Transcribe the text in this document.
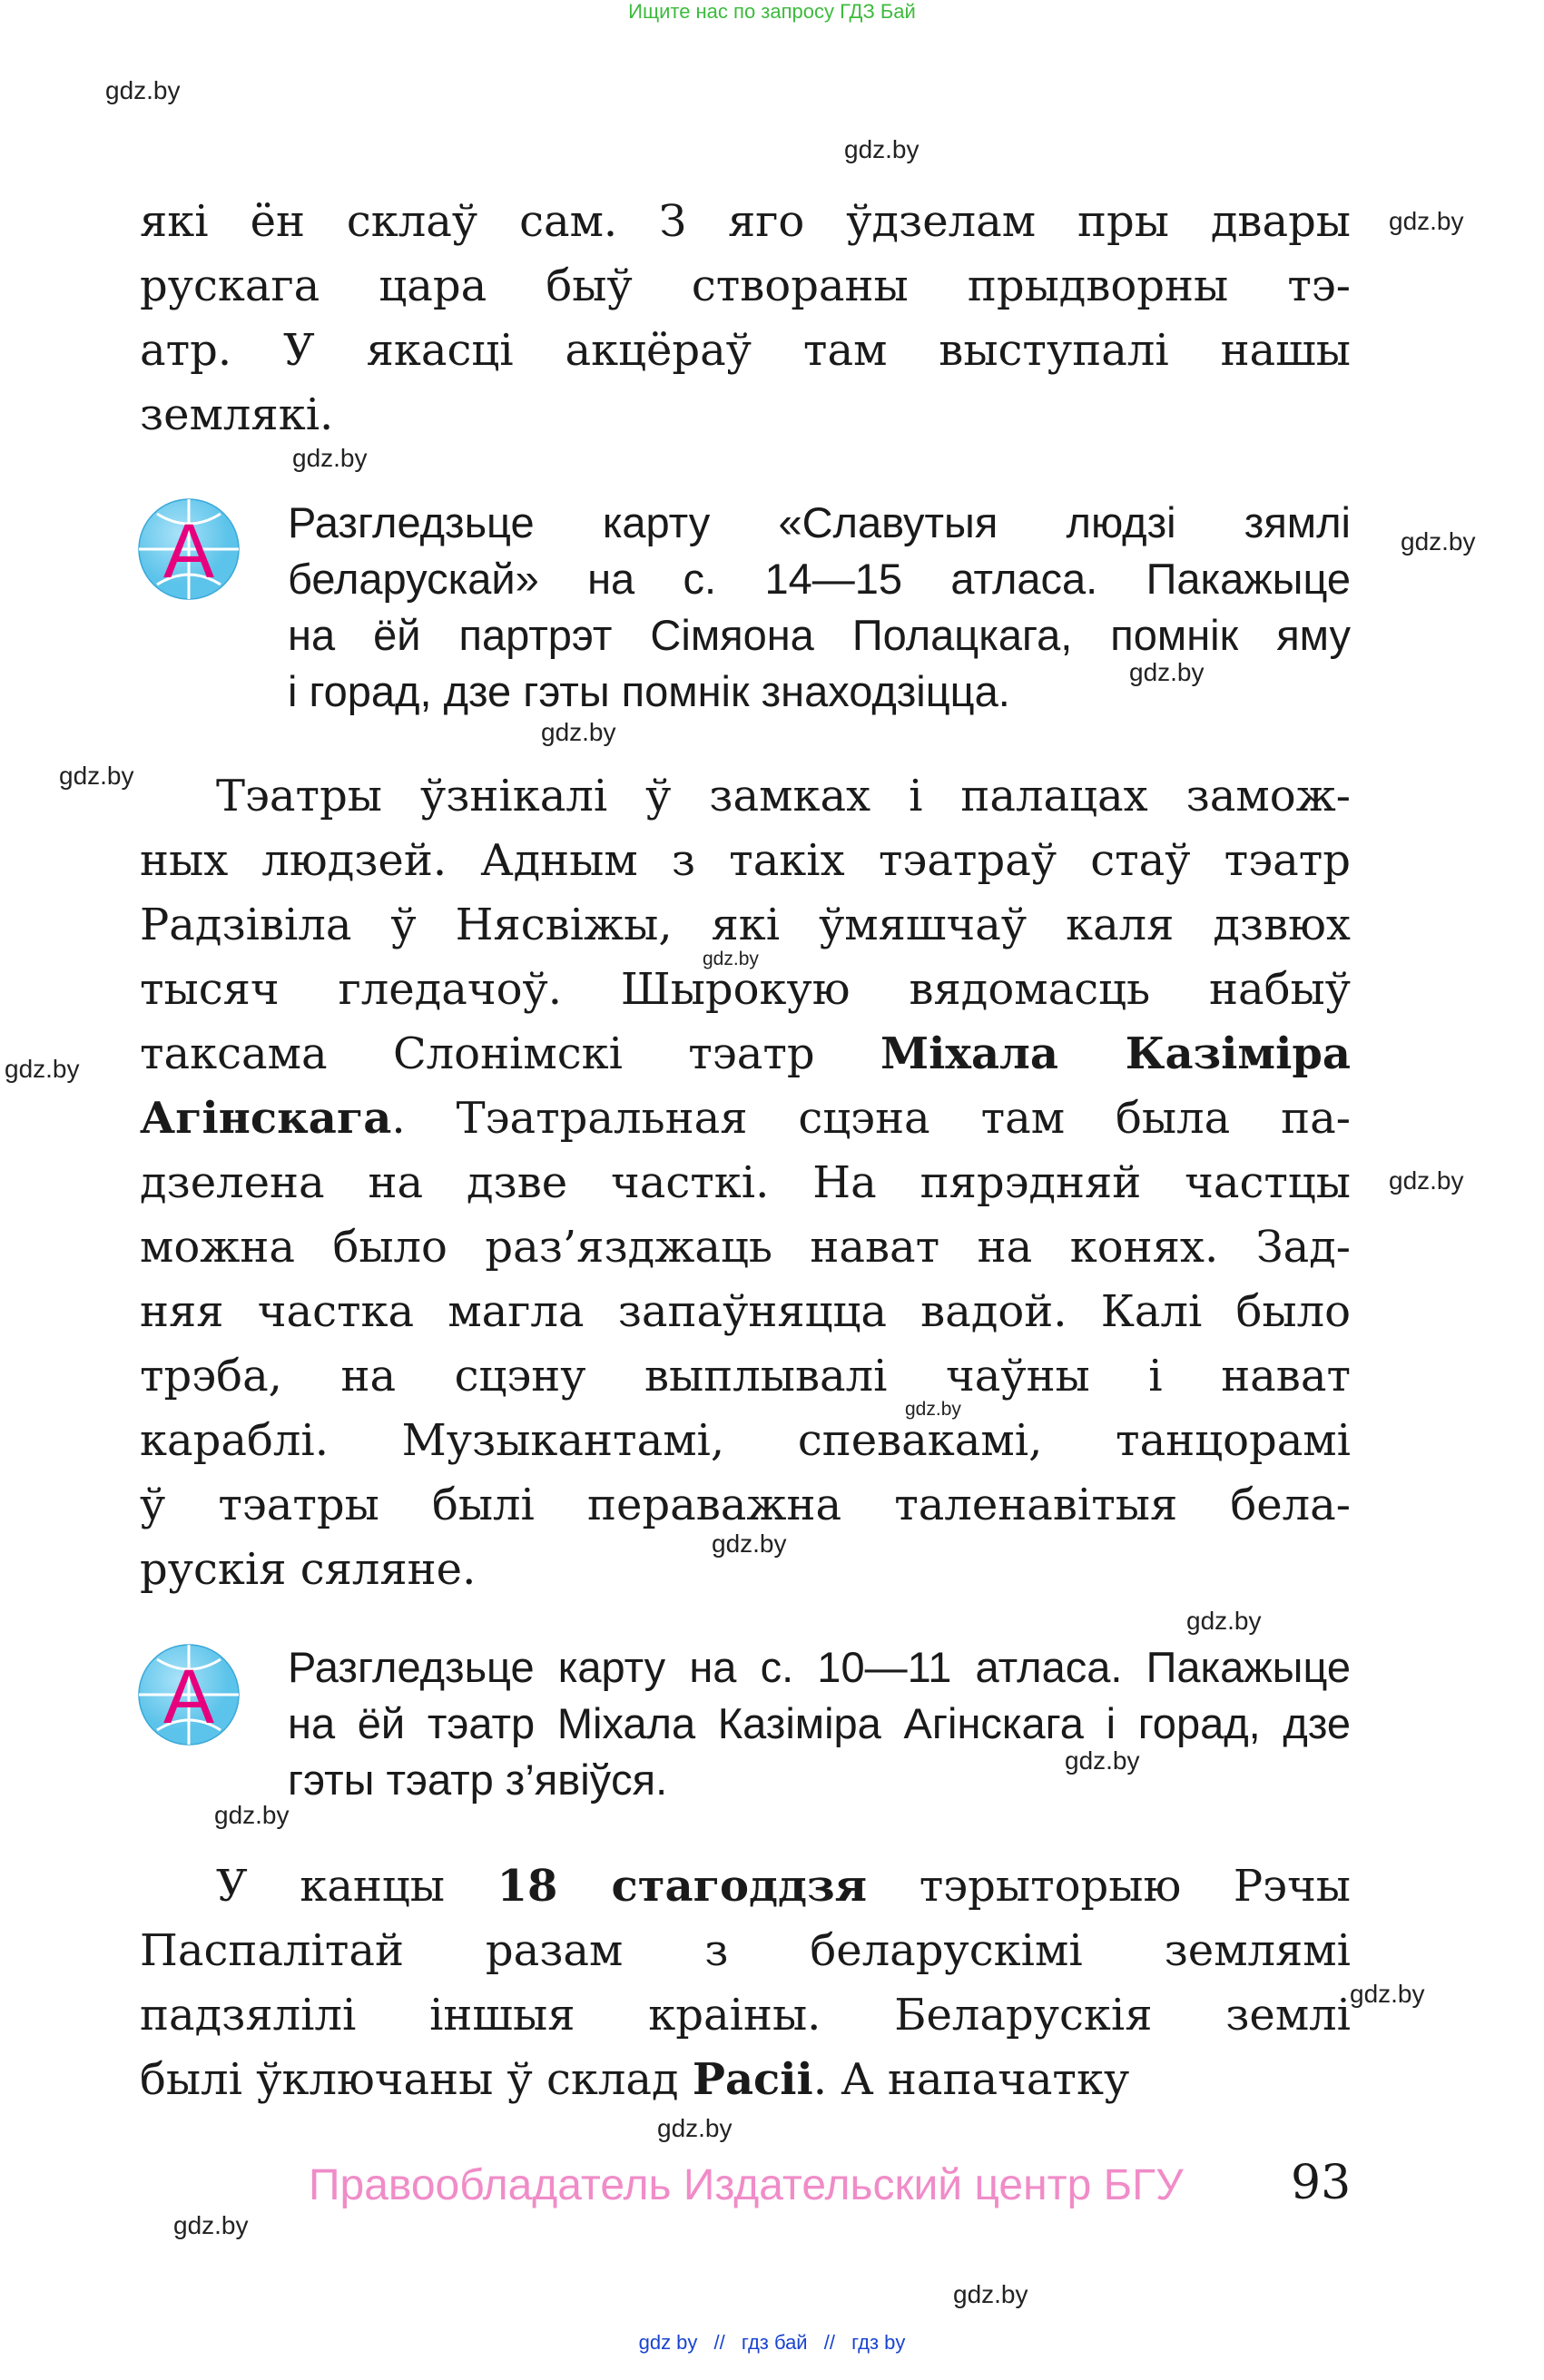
Ищите нас по запросу ГДЗ Бай
які ён склаў сам. З яго ўдзелам пры двары
рускага цара быў створаны прыдворны тэ-
атр. У якасці акцёраў там выступалі нашы
землякі.
A Разгледзьце карту «Славутыя людзі зямлі
беларускай» на с. 14—15 атласа. Пакажыце
на ёй партрэт Сімяона Полацкага, помнік яму
і горад, дзе гэты помнік знаходзіцца.
Тэатры ўзнікалі ў замках і палацах замож-
ных людзей. Адным з такіх тэатраў стаў тэатр
Радзівіла ў Нясвіжы, які ўмяшчаў каля дзвюх
тысяч гледачоў. Шырокую вядомасць набыў
таксама Слонімскі тэатр Міхала Казіміра
Агінскага. Тэатральная сцэна там была па-
дзелена на дзве часткі. На пярэдняй частцы
можна было раз’язджаць нават на конях. Зад-
няя частка магла запаўняцца вадой. Калі было
трэба, на сцэну выплывалі чаўны і нават
караблі. Музыкантамі, спевакамі, танцорамі
ў тэатры былі пераважна таленавітыя бела-
рускія сяляне.
A Разгледзьце карту на с. 10—11 атласа. Пакажыце
на ёй тэатр Міхала Казіміра Агінскага і горад, дзе
гэты тэатр з’явіўся.
У канцы 18 стагоддзя тэрыторыю Рэчы
Паспалітай разам з беларускімі землямі
падзялілі іншыя краіны. Беларускія землі
былі ўключаны ў склад Расіі. А напачатку
Правообладатель Издательский центр БГУ 93
gdz.by
gdz.by
gdz.by
gdz.by
gdz.by
gdz.by
gdz.by
gdz.by
gdz.by
gdz.by
gdz.by
gdz.by
gdz.by
gdz.by
gdz.by
gdz.by
gdz.by
gdz.by
gdz.by
gdz.by
gdz by // гдз бай // гдз by
